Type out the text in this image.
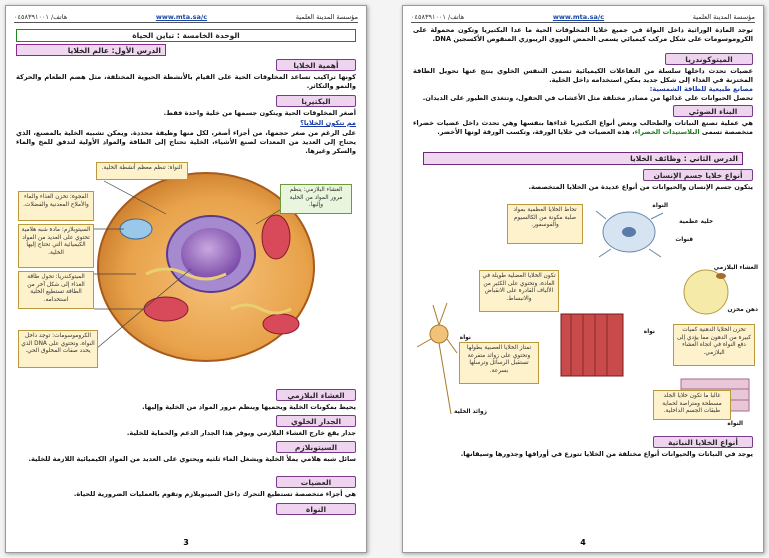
مؤسسة المدينة العلمية
www.mta.sa/c
هاتف/ ٠٤٥٨٣٩١٠٠١
الوحدة الخامسة : تباين الحياة
الدرس الأول: عالم الخلايا
أهمية الخلايا
كونها تراكيب تساعد المخلوقات الحية على القيام بالأنشطة الحيوية المختلفة، مثل هضم الطعام والحركة والنمو والتكاثر.
البكتيريا
أصغر المخلوقات الحية ويتكون جسمها من خلية واحدة فقط.
مم تتكون الخلايا؟
على الرغم من صغر حجمها، من أجزاء أصغر، لكل منها وظيفة محددة. ويمكن تشبيه الخلية بالمصنع، الذي يحتاج إلى العديد من المعدات لصنع الأشياء، الخلية تحتاج إلى الطاقة والمواد الأولية لتدفق للمخ والماء والسكر وغيرها.
النواة: تنظم معظم أنشطة الخلية.
الغشاء البلازمي: ينظم مرور المواد من الخلية وإليها.
الفجوة: تخزن الغذاء والماء والأملاح المعدنية والفضلات.
السيتوبلازم: مادة شبه هلامية تحتوي على العديد من المواد الكيميائية التي تحتاج إليها الخلية.
الميتوكندريا: تحول طاقة الغذاء إلى شكل آخر من الطاقة تستطيع الخلية استخدامه.
الكروموسومات: توجد داخل النواة، وتحتوي على DNA الذي يحدد صفات المخلوق الحي.
الغشاء البلازمي
يحيط بمكونات الخلية ويحميها وينظم مرور المواد من الخلية وإليها.
الجدار الخلوي
جدار يقع خارج الغشاء البلازمي ويوفر هذا الجدار الدعم والحماية للخلية.
السيتوبلازم
سائل شبه هلامي يملأ الخلية ويشغل الماء ثلثيه ويحتوي على العديد من المواد الكيميائية اللازمة للخلية.
العضيات
هي أجزاء متخصصة تستطيع التحرك داخل السيتوبلازم وتقوم بالعمليات الضرورية للحياة.
النواة
3
مؤسسة المدينة العلمية
www.mta.sa/c
هاتف/ ٠٤٥٨٣٩١٠٠١
توجد المادة الوراثية داخل النواة في جميع خلايا المخلوقات الحية ما عدا البكتيريا وتكون محمولة على الكروموسومات على شكل مركب كيميائي يسمى الحمض النووي الريبوزي المنقوص الأكسجين DNA.
الميتوكوندريا
عضيات تحدث داخلها سلسلة من التفاعلات الكيميائية تسمى التنفس الخلوي ينتج عنها تحويل الطاقة المختزنة في الغذاء إلى شكل جديد يمكن استخدامه داخل الخلية.
مصانع طبيعية للطاقة الشمسية:
تحصل الحيوانات على غذائها من مصادر مختلفة مثل الأعشاب في الحقول، وتتغذى الطيور على الديدان.
البناء الضوئي
هي عملية تصنع النباتات والطحالب وبعض أنواع البكتيريا غذاءها بنفسها وهي تحدث داخل عضيات خضراء متخصصة تسمى البلاستيدات الخضراء، هذه العضيات في خلايا الورقة، وتكسب الورقة لونها الأخضر.
الدرس الثاني : وظائف الخلايا
أنواع خلايا جسم الإنسان
يتكون جسم الإنسان والحيوانات من أنواع عديدة من الخلايا المتخصصة.
النواة
خلية عظمية
قنوات
الغشاء البلازمي
دهن مخزن
نواة
زوائد الخلية
نواة
النواة
تحاط الخلايا العظمية بمواد صلبة مكونة من الكالسيوم والفوسفور.
تكون الخلايا العضلية طويلة في العادة، وتحتوي على الكثير من الألياف القادرة على الانقباض والانبساط.
تخزن الخلايا الدهنية كميات كبيرة من الدهون مما يؤدي إلى دفع النواة في اتجاه الغشاء البلازمي.
تمتاز الخلايا العصبية بطولها وتحتوي على زوائد متفرعة تستقبل الرسائل وترسلها بسرعة.
غالبا ما تكون خلايا الجلد مسطحة ومتراصة لحماية طبقات الجسم الداخلية.
أنواع الخلايا النباتية
يوجد في النباتات والحيوانات أنواع مختلفة من الخلايا تتوزع في أوراقها وجذورها وسيقانها.
4
